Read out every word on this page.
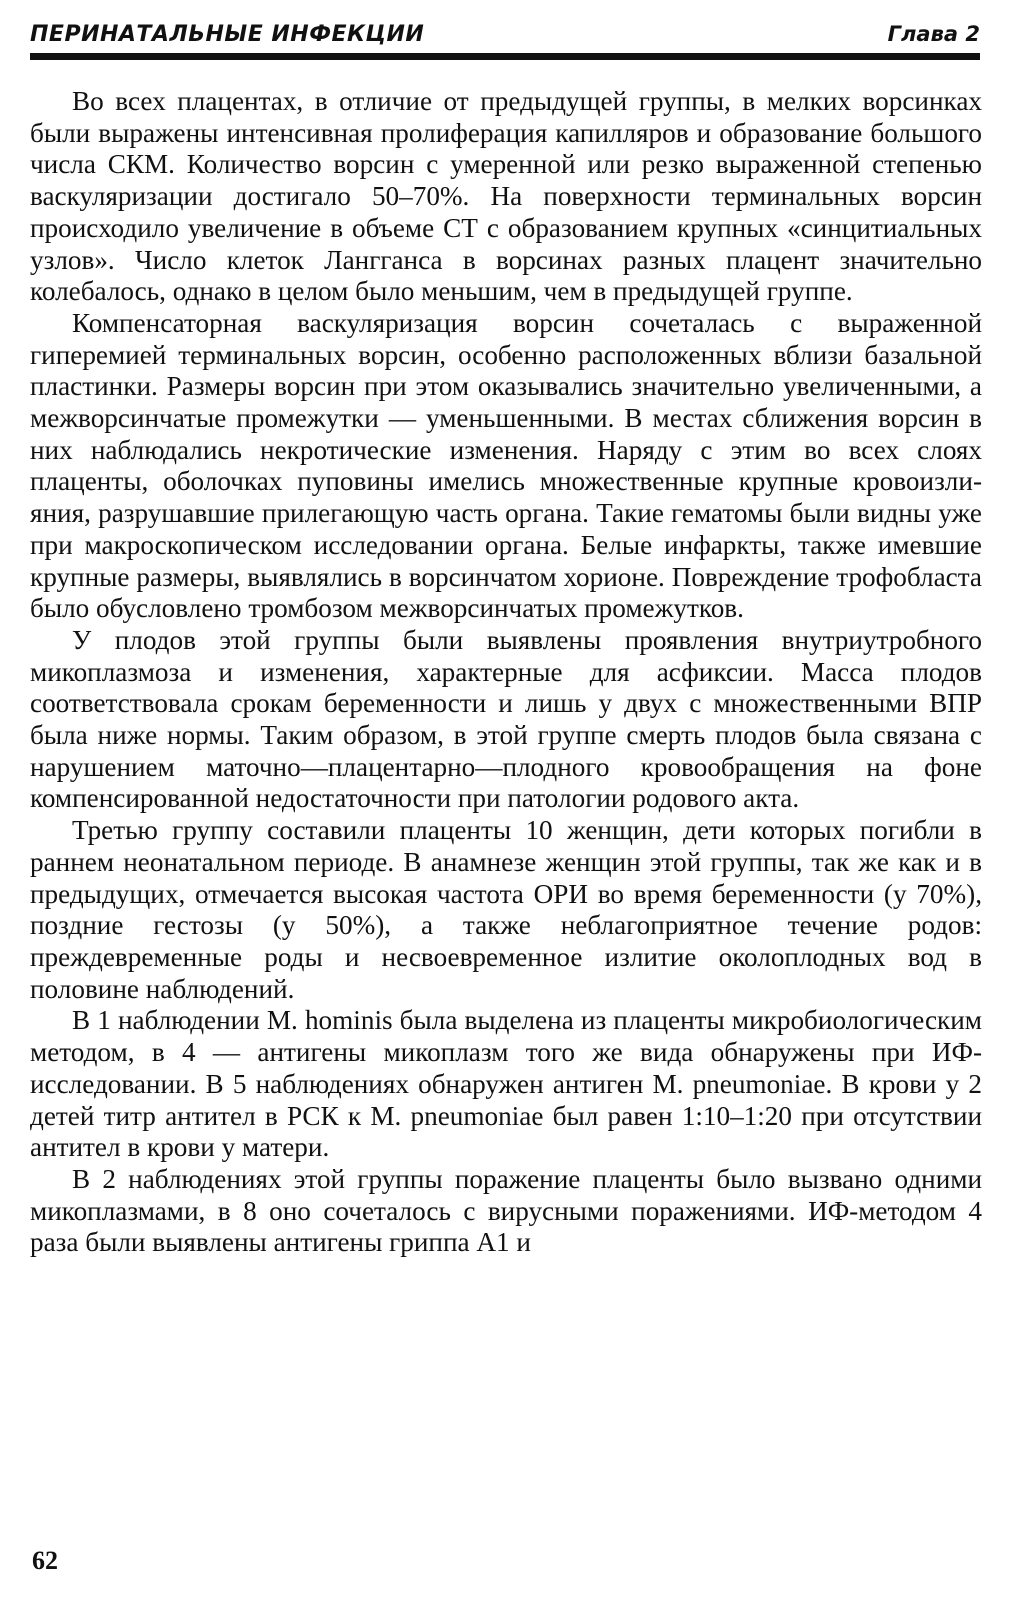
ПЕРИНАТАЛЬНЫЕ ИНФЕКЦИИ	Глава 2

Во всех плацентах, в отличие от предыдущей группы, в мелких ворсинках были выражены интенсивная пролиферация капилляров и образование большого числа СКМ. Количество ворсин с умеренной или резко выраженной степенью васкуляризации достигало 50–70%. На поверхности терминальных ворсин происходило увеличение в объеме СТ с образованием крупных «синцитиальных узлов». Число клеток Лангганса в ворсинах разных плацент значительно колебалось, однако в целом было меньшим, чем в предыдущей группе.

Компенсаторная васкуляризация ворсин сочеталась с выраженной гиперемией терминальных ворсин, особенно расположенных вблизи базальной пластинки. Размеры ворсин при этом оказывались значительно увеличенными, а межворсинчатые промежутки — уменьшенными. В местах сближения ворсин в них наблюдались некротические изменения. Наряду с этим во всех слоях плаценты, оболочках пуповины имелись множественные крупные кровоизлияния, разрушавшие прилегающую часть органа. Такие гематомы были видны уже при макроскопическом исследовании органа. Белые инфаркты, также имевшие крупные размеры, выявлялись в ворсинчатом хорионе. Повреждение трофобласта было обусловлено тромбозом межворсинчатых промежутков.

У плодов этой группы были выявлены проявления внутриутробного микоплазмоза и изменения, характерные для асфиксии. Масса плодов соответствовала срокам беременности и лишь у двух с множественными ВПР была ниже нормы. Таким образом, в этой группе смерть плодов была связана с нарушением маточно—плацентарно—плодного кровообращения на фоне компенсированной недостаточности при патологии родового акта.

Третью группу составили плаценты 10 женщин, дети которых погибли в раннем неонатальном периоде. В анамнезе женщин этой группы, так же как и в предыдущих, отмечается высокая частота ОРИ во время беременности (у 70%), поздние гестозы (у 50%), а также неблагоприятное течение родов: преждевременные роды и несвоевременное излитие околоплодных вод в половине наблюдений.

В 1 наблюдении M. hominis была выделена из плаценты микробиологическим методом, в 4 — антигены микоплазм того же вида обнаружены при ИФ-исследовании. В 5 наблюдениях обнаружен антиген M. pneumoniae. В крови у 2 детей титр антител в РСК к M. pneumoniae был равен 1:10–1:20 при отсутствии антител в крови у матери.

В 2 наблюдениях этой группы поражение плаценты было вызвано одними микоплазмами, в 8 оно сочеталось с вирусными поражениями. ИФ-методом 4 раза были выявлены антигены гриппа А1 и

62
